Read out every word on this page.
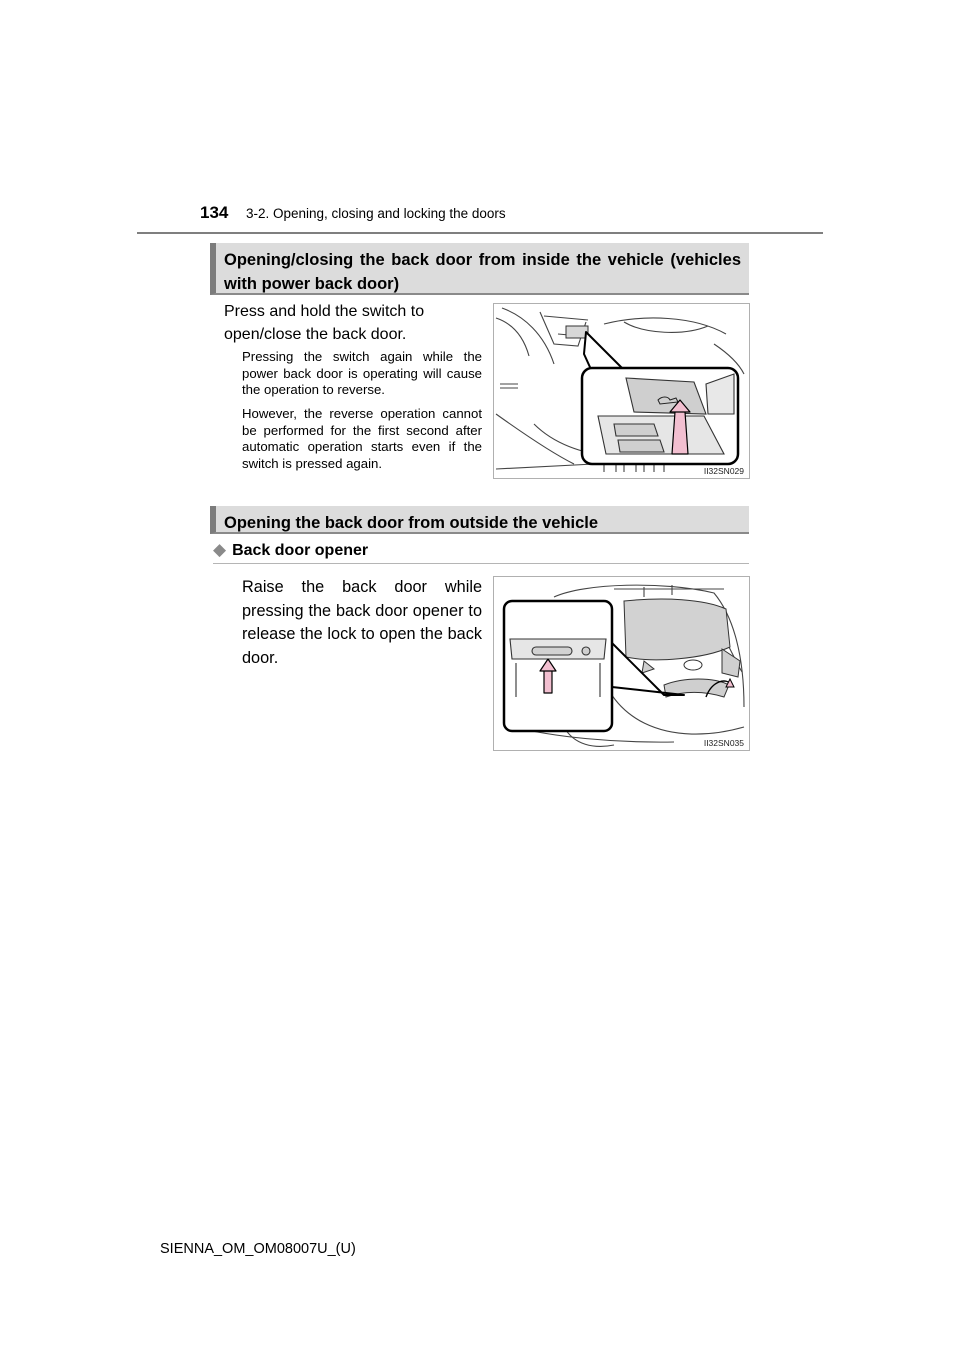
134 3-2. Opening, closing and locking the doors
Opening/closing the back door from inside the vehicle (vehicles with power back door)
Press and hold the switch to open/close the back door.
Pressing the switch again while the power back door is operating will cause the operation to reverse.
However, the reverse operation cannot be performed for the first second after automatic operation starts even if the switch is pressed again.
II32SN029
Opening the back door from outside the vehicle
◆ Back door opener
Raise the back door while pressing the back door opener to release the lock to open the back door.
II32SN035
SIENNA_OM_OM08007U_(U)
